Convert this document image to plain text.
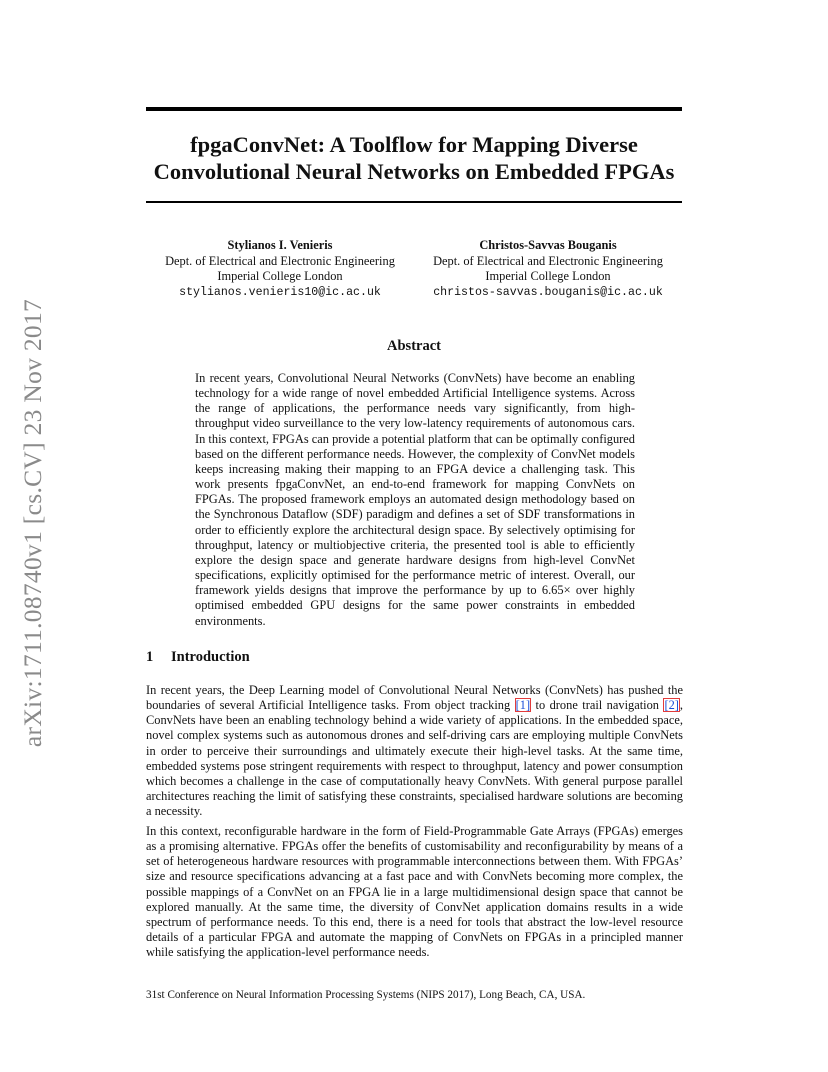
arXiv:1711.08740v1 [cs.CV] 23 Nov 2017
fpgaConvNet: A Toolflow for Mapping Diverse
Convolutional Neural Networks on Embedded FPGAs
Stylianos I. Venieris
Dept. of Electrical and Electronic Engineering
Imperial College London
stylianos.venieris10@ic.ac.uk
Christos-Savvas Bouganis
Dept. of Electrical and Electronic Engineering
Imperial College London
christos-savvas.bouganis@ic.ac.uk
Abstract

In recent years, Convolutional Neural Networks (ConvNets) have become an enabling technology for a wide range of novel embedded Artificial Intelligence systems. Across the range of applications, the performance needs vary significantly, from high-throughput video surveillance to the very low-latency requirements of autonomous cars. In this context, FPGAs can provide a potential platform that can be optimally configured based on the different performance needs. However, the complexity of ConvNet models keeps increasing making their mapping to an FPGA device a challenging task. This work presents fpgaConvNet, an end-to-end framework for mapping ConvNets on FPGAs. The proposed framework employs an automated design methodology based on the Synchronous Dataflow (SDF) paradigm and defines a set of SDF transformations in order to efficiently explore the architectural design space. By selectively optimising for throughput, latency or multiobjective criteria, the presented tool is able to efficiently explore the design space and generate hardware designs from high-level ConvNet specifications, explicitly optimised for the performance metric of interest. Overall, our framework yields designs that improve the performance by up to 6.65× over highly optimised embedded GPU designs for the same power constraints in embedded environments.

1 Introduction

In recent years, the Deep Learning model of Convolutional Neural Networks (ConvNets) has pushed the boundaries of several Artificial Intelligence tasks. From object tracking [1] to drone trail navigation [2], ConvNets have been an enabling technology behind a wide variety of applications. In the embedded space, novel complex systems such as autonomous drones and self-driving cars are employing multiple ConvNets in order to perceive their surroundings and ultimately execute their high-level tasks. At the same time, embedded systems pose stringent requirements with respect to throughput, latency and power consumption which becomes a challenge in the case of computationally heavy ConvNets. With general purpose parallel architectures reaching the limit of satisfying these constraints, specialised hardware solutions are becoming a necessity.

In this context, reconfigurable hardware in the form of Field-Programmable Gate Arrays (FPGAs) emerges as a promising alternative. FPGAs offer the benefits of customisability and reconfigurability by means of a set of heterogeneous hardware resources with programmable interconnections between them. With FPGAs’ size and resource specifications advancing at a fast pace and with ConvNets becoming more complex, the possible mappings of a ConvNet on an FPGA lie in a large multidimensional design space that cannot be explored manually. At the same time, the diversity of ConvNet application domains results in a wide spectrum of performance needs. To this end, there is a need for tools that abstract the low-level resource details of a particular FPGA and automate the mapping of ConvNets on FPGAs in a principled manner while satisfying the application-level performance needs.

31st Conference on Neural Information Processing Systems (NIPS 2017), Long Beach, CA, USA.
